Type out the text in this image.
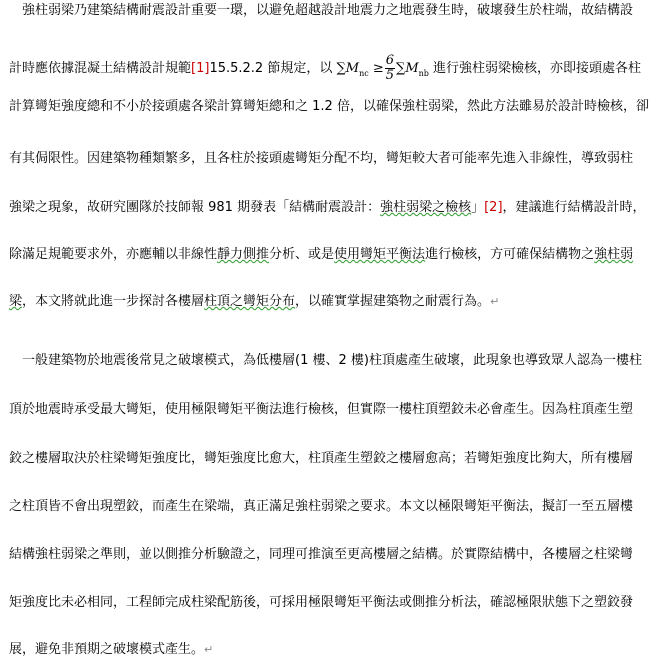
　強柱弱梁乃建築結構耐震設計重要一環，以避免超越設計地震力之地震發生時，破壞發生於柱端，故結構設
計時應依據混凝土結構設計規範[1]15.5.2.2 節規定，以 $\sum M_{nc} \ge \frac{6}{5} \sum M_{nb}$ 進行強柱弱梁檢核，亦即接頭處各柱
計算彎矩強度總和不小於接頭處各梁計算彎矩總和之 1.2 倍，以確保強柱弱梁，然此方法雖易於設計時檢核，卻
有其侷限性。因建築物種類繁多，且各柱於接頭處彎矩分配不均，彎矩較大者可能率先進入非線性，導致弱柱
強梁之現象，故研究團隊於技師報 981 期發表「結構耐震設計：強柱弱梁之檢核」[2]，建議進行結構設計時，
除滿足規範要求外，亦應輔以非線性靜力側推分析、或是使用彎矩平衡法進行檢核，方可確保結構物之強柱弱
梁，本文將就此進一步探討各樓層柱頂之彎矩分布，以確實掌握建築物之耐震行為。↵
　一般建築物於地震後常見之破壞模式，為低樓層(1 樓、2 樓)柱頂處產生破壞，此現象也導致眾人認為一樓柱
頂於地震時承受最大彎矩，使用極限彎矩平衡法進行檢核，但實際一樓柱頂塑鉸未必會產生。因為柱頂產生塑
鉸之樓層取決於柱梁彎矩強度比，彎矩強度比愈大，柱頂產生塑鉸之樓層愈高；若彎矩強度比夠大，所有樓層
之柱頂皆不會出現塑鉸，而產生在梁端，真正滿足強柱弱梁之要求。本文以極限彎矩平衡法，擬訂一至五層樓
結構強柱弱梁之準則，並以側推分析驗證之，同理可推演至更高樓層之結構。於實際結構中，各樓層之柱梁彎
矩強度比未必相同，工程師完成柱梁配筋後，可採用極限彎矩平衡法或側推分析法，確認極限狀態下之塑鉸發
展，避免非預期之破壞模式產生。↵
